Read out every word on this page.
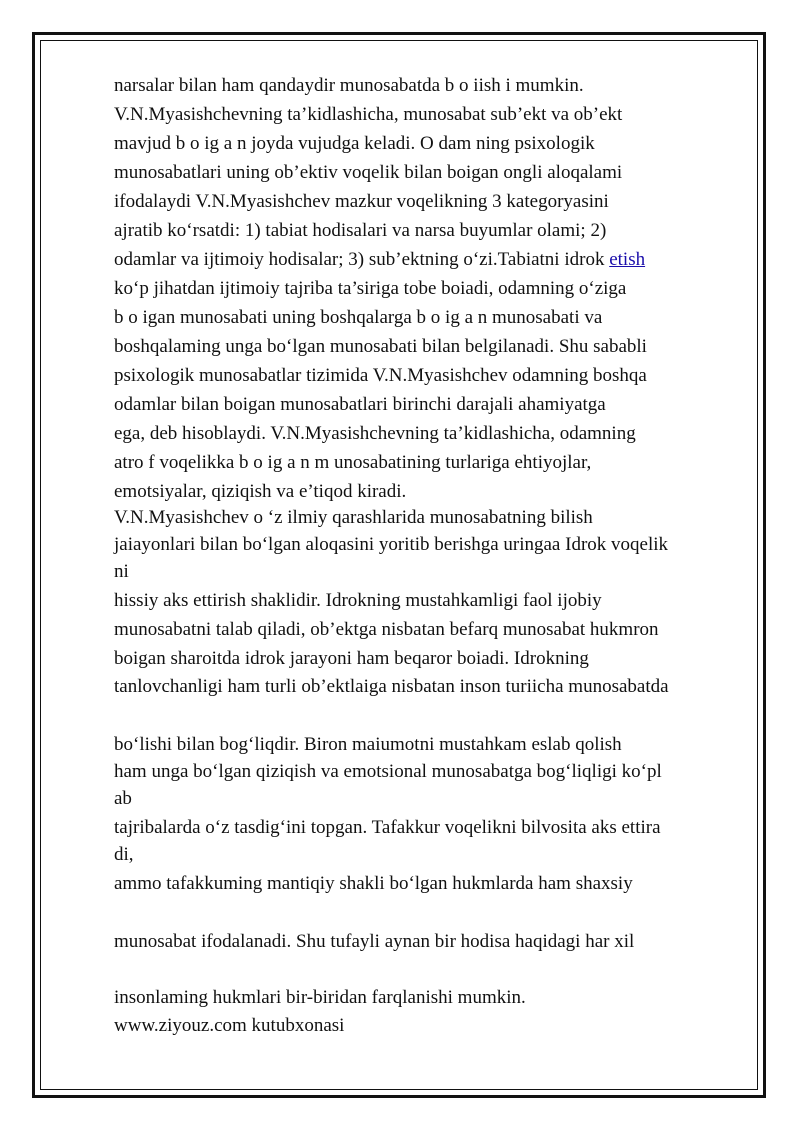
narsalar bilan ham qandaydir munosabatda b o iish i mumkin.
V.N.Myasishchevning ta’kidlashicha, munosabat sub’ekt va ob’ekt
mavjud b o ig a n joyda vujudga keladi. O dam ning psixologik
munosabatlari uning ob’ektiv voqelik bilan boigan ongli aloqalami
ifodalaydi V.N.Myasishchev mazkur voqelikning 3 kategoryasini
ajratib ko‘rsatdi: 1) tabiat hodisalari va narsa buyumlar olami; 2)
odamlar va ijtimoiy hodisalar; 3) sub’ektning o‘zi.Tabiatni idrok etish
ko‘p jihatdan ijtimoiy tajriba ta’siriga tobe boiadi, odamning o‘ziga
b o igan munosabati uning boshqalarga b o ig a n munosabati va
boshqalaming unga bo‘lgan munosabati bilan belgilanadi. Shu sababli
psixologik munosabatlar tizimida V.N.Myasishchev odamning boshqa
odamlar bilan boigan munosabatlari birinchi darajali ahamiyatga
ega, deb hisoblaydi. V.N.Myasishchevning ta’kidlashicha, odamning
atro f voqelikka b o ig a n m unosabatining turlariga ehtiyojlar,
emotsiyalar, qiziqish va e’tiqod kiradi.
V.N.Myasishchev o ‘z ilmiy qarashlarida munosabatning bilish
jaiayonlari bilan bo‘lgan aloqasini yoritib berishga uringaa Idrok voqelik
ni
hissiy aks ettirish shaklidir. Idrokning mustahkamligi faol ijobiy
munosabatni talab qiladi, ob’ektga nisbatan befarq munosabat hukmron
boigan sharoitda idrok jarayoni ham beqaror boiadi. Idrokning
tanlovchanligi ham turli ob’ektlaiga nisbatan inson turiicha munosabatda
bo‘lishi bilan bog‘liqdir. Biron maiumotni mustahkam eslab qolish
ham unga bo‘lgan qiziqish va emotsional munosabatga bog‘liqligi ko‘pl
ab
tajribalarda o‘z tasdig‘ini topgan. Tafakkur voqelikni bilvosita aks ettira
di,
ammo tafakkuming mantiqiy shakli bo‘lgan hukmlarda ham shaxsiy
munosabat ifodalanadi. Shu tufayli aynan bir hodisa haqidagi har xil
insonlaming hukmlari bir-biridan farqlanishi mumkin.
www.ziyouz.com kutubxonasi
